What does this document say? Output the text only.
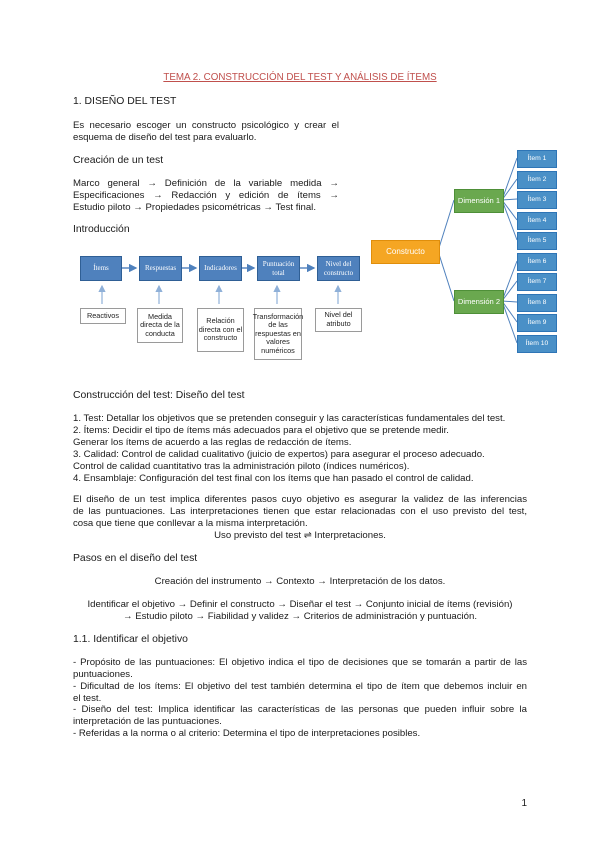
TEMA 2. CONSTRUCCIÓN DEL TEST Y ANÁLISIS DE ÍTEMS
1. DISEÑO DEL TEST
Es necesario escoger un constructo psicológico y crear el
esquema de diseño del test para evaluarlo.
Creación de un test
Marco general → Definición de la variable medida →
Especificaciones → Redacción y edición de ítems →
Estudio piloto → Propiedades psicométricas → Test final.
Introducción
Ítems	Respuestas	Indicadores
Puntuación total
Nivel del constructo
Reactivos	Medida directa de la conducta
Relación directa con el constructo
Transformación de las respuestas en valores numéricos
Nivel del atributo
Constructo
Dimensión 1
Dimensión 2
Ítem 1
Ítem 2
Ítem 3
Ítem 4
Ítem 5
Ítem 6
Ítem 7
Ítem 8
Ítem 9
Ítem 10
Construcción del test: Diseño del test
1. Test: Detallar los objetivos que se pretenden conseguir y las características fundamentales del test.
2. Ítems: Decidir el tipo de ítems más adecuados para el objetivo que se pretende medir.
Generar los ítems de acuerdo a las reglas de redacción de ítems.
3. Calidad: Control de calidad cualitativo (juicio de expertos) para asegurar el proceso adecuado.
Control de calidad cuantitativo tras la administración piloto (índices numéricos).
4. Ensamblaje: Configuración del test final con los ítems que han pasado el control de calidad.
El diseño de un test implica diferentes pasos cuyo objetivo es asegurar la validez de las inferencias
de las puntuaciones. Las interpretaciones tienen que estar relacionadas con el uso previsto del test,
cosa que tiene que conllevar a la misma interpretación.
Uso previsto del test ⇌ Interpretaciones.
Pasos en el diseño del test
Creación del instrumento → Contexto → Interpretación de los datos.
Identificar el objetivo → Definir el constructo → Diseñar el test → Conjunto inicial de ítems (revisión)
→ Estudio piloto → Fiabilidad y validez → Criterios de administración y puntuación.
1.1. Identificar el objetivo
- Propósito de las puntuaciones: El objetivo indica el tipo de decisiones que se tomarán a partir de las
puntuaciones.
- Dificultad de los ítems: El objetivo del test también determina el tipo de ítem que debemos incluir en
el test.
- Diseño del test: Implica identificar las características de las personas que pueden influir sobre la
interpretación de las puntuaciones.
- Referidas a la norma o al criterio: Determina el tipo de interpretaciones posibles.
1
